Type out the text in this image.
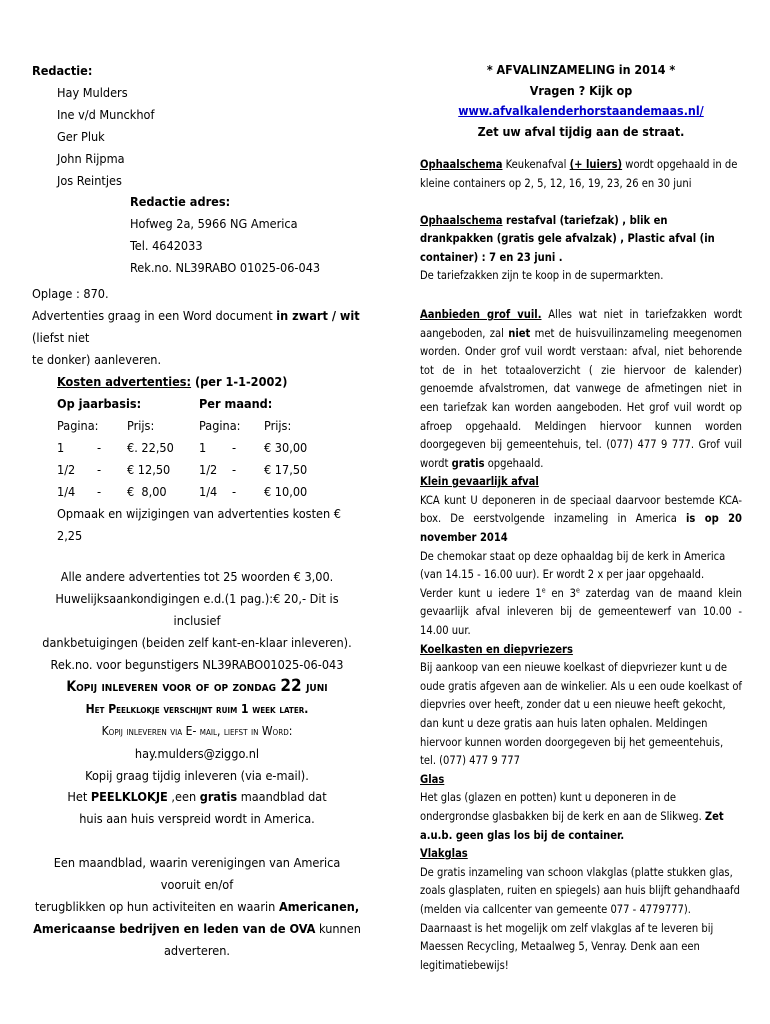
Redactie:
Hay Mulders
Ine v/d Munckhof
Ger Pluk
John Rijpma
Jos Reintjes
Redactie adres:
Hofweg 2a, 5966 NG America
Tel. 4642033
Rek.no. NL39RABO 01025-06-043
Oplage : 870.
Advertenties graag in een Word document in zwart / wit (liefst niet
te donker) aanleveren.
Kosten advertenties: (per 1-1-2002)
Op jaarbasis:			Per maand:		
Pagina:		Prijs:	Pagina:		Prijs:
1	-	€. 22,50	1	-	€ 30,00
1/2	-	€ 12,50	1/2	-	€ 17,50
1/4	-	€  8,00	1/4	-	€ 10,00
Opmaak en wijzigingen van advertenties kosten € 2,25
Alle andere advertenties tot 25 woorden € 3,00.
Huwelijksaankondigingen e.d.(1 pag.):€ 20,- Dit is inclusief
dankbetuigingen (beiden zelf kant-en-klaar inleveren).
Rek.no. voor begunstigers NL39RABO01025-06-043
Kopij inleveren voor of op zondag 22 juni
Het Peelklokje verschijnt ruim 1 week later.
Kopij inleveren via E- mail, liefst in Word:
hay.mulders@ziggo.nl
Kopij graag tijdig inleveren (via e-mail).
Het PEELKLOKJE ,een gratis maandblad dat
huis aan huis verspreid wordt in America.
Een maandblad, waarin verenigingen van America vooruit en/of
terugblikken op hun activiteiten en waarin Americanen,
Americaanse bedrijven en leden van de OVA kunnen adverteren.
* AFVALINZAMELING in 2014 *
Vragen ? Kijk op www.afvalkalenderhorstaandemaas.nl/
Zet uw afval tijdig aan de straat.
Ophaalschema Keukenafval (+ luiers) wordt opgehaald in de kleine containers op 2, 5, 12, 16, 19, 23, 26 en 30 juni
Ophaalschema restafval (tariefzak) , blik en drankpakken (gratis gele afvalzak) , Plastic afval (in container) : 7 en 23 juni .
De tariefzakken zijn te koop in de supermarkten.
Aanbieden grof vuil. Alles wat niet in tariefzakken wordt aangeboden, zal niet met de huisvuilinzameling meegenomen worden. Onder grof vuil wordt verstaan: afval, niet behorende tot de in het totaaloverzicht ( zie hiervoor de kalender) genoemde afvalstromen, dat vanwege de afmetingen niet in een tariefzak kan worden aangeboden. Het grof vuil wordt op afroep opgehaald. Meldingen hiervoor kunnen worden doorgegeven bij gemeentehuis, tel. (077) 477 9 777. Grof vuil wordt gratis opgehaald.
Klein gevaarlijk afval
KCA kunt U deponeren in de speciaal daarvoor bestemde KCA-box. De eerstvolgende inzameling in America is op 20 november 2014
De chemokar staat op deze ophaaldag bij de kerk in America (van 14.15 - 16.00 uur). Er wordt 2 x per jaar opgehaald.
Verder kunt u iedere 1e en 3e zaterdag van de maand klein gevaarlijk afval inleveren bij de gemeentewerf van 10.00 - 14.00 uur.
Koelkasten en diepvriezers
Bij aankoop van een nieuwe koelkast of diepvriezer kunt u de oude gratis afgeven aan de winkelier. Als u een oude koelkast of diepvries over heeft, zonder dat u een nieuwe heeft gekocht, dan kunt u deze gratis aan huis laten ophalen. Meldingen hiervoor kunnen worden doorgegeven bij het gemeentehuis, tel. (077) 477 9 777
Glas
Het glas (glazen en potten) kunt u deponeren in de ondergrondse glasbakken bij de kerk en aan de Slikweg. Zet a.u.b. geen glas los bij de container.
Vlakglas
De gratis inzameling van schoon vlakglas (platte stukken glas, zoals glasplaten, ruiten en spiegels) aan huis blijft gehandhaafd (melden via callcenter van gemeente 077 - 4779777). Daarnaast is het mogelijk om zelf vlakglas af te leveren bij Maessen Recycling, Metaalweg 5, Venray. Denk aan een legitimatiebewijs!
